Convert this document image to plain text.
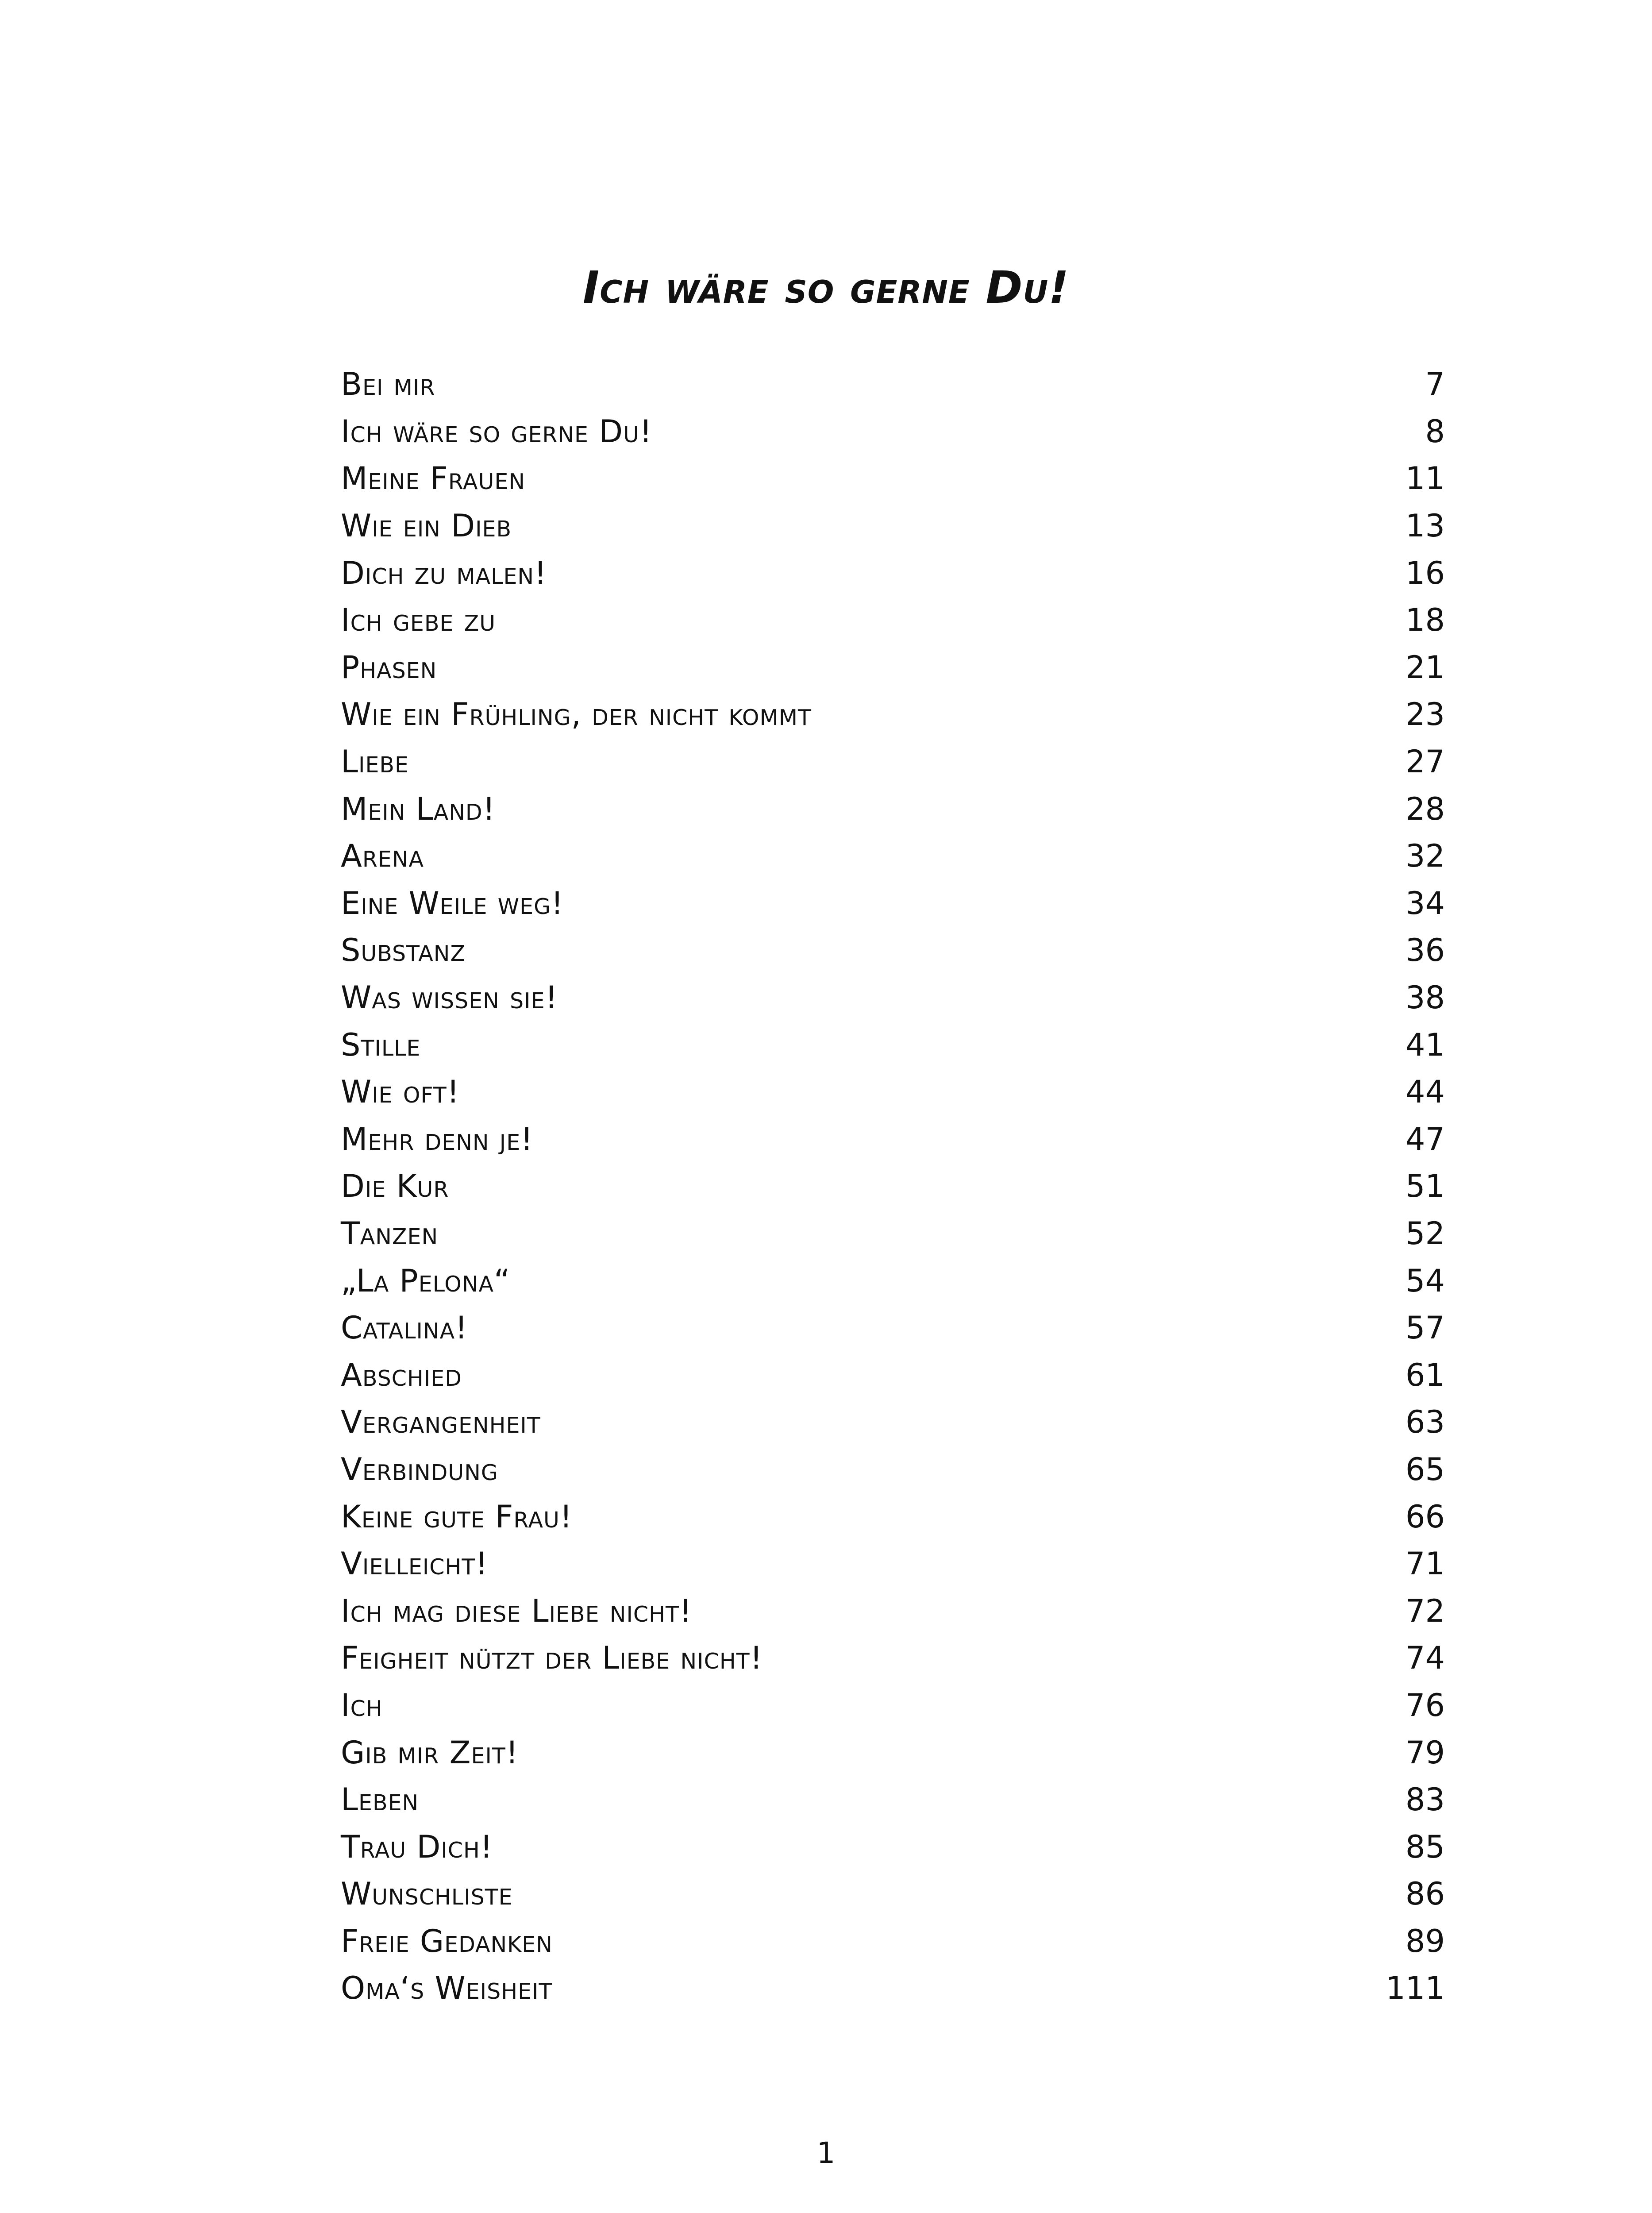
Ich wäre so gerne Du!
Bei mir	7
Ich wäre so gerne Du!	8
Meine Frauen	11
Wie ein Dieb	13
Dich zu malen!	16
Ich gebe zu	18
Phasen	21
Wie ein Frühling, der nicht kommt	23
Liebe	27
Mein Land!	28
Arena	32
Eine Weile weg!	34
Substanz	36
Was wissen sie!	38
Stille	41
Wie oft!	44
Mehr denn je!	47
Die Kur	51
Tanzen	52
„La Pelona“	54
Catalina!	57
Abschied	61
Vergangenheit	63
Verbindung	65
Keine gute Frau!	66
Vielleicht!	71
Ich mag diese Liebe nicht!	72
Feigheit nützt der Liebe nicht!	74
Ich	76
Gib mir Zeit!	79
Leben	83
Trau Dich!	85
Wunschliste	86
Freie Gedanken	89
Oma‘s Weisheit	111
1
